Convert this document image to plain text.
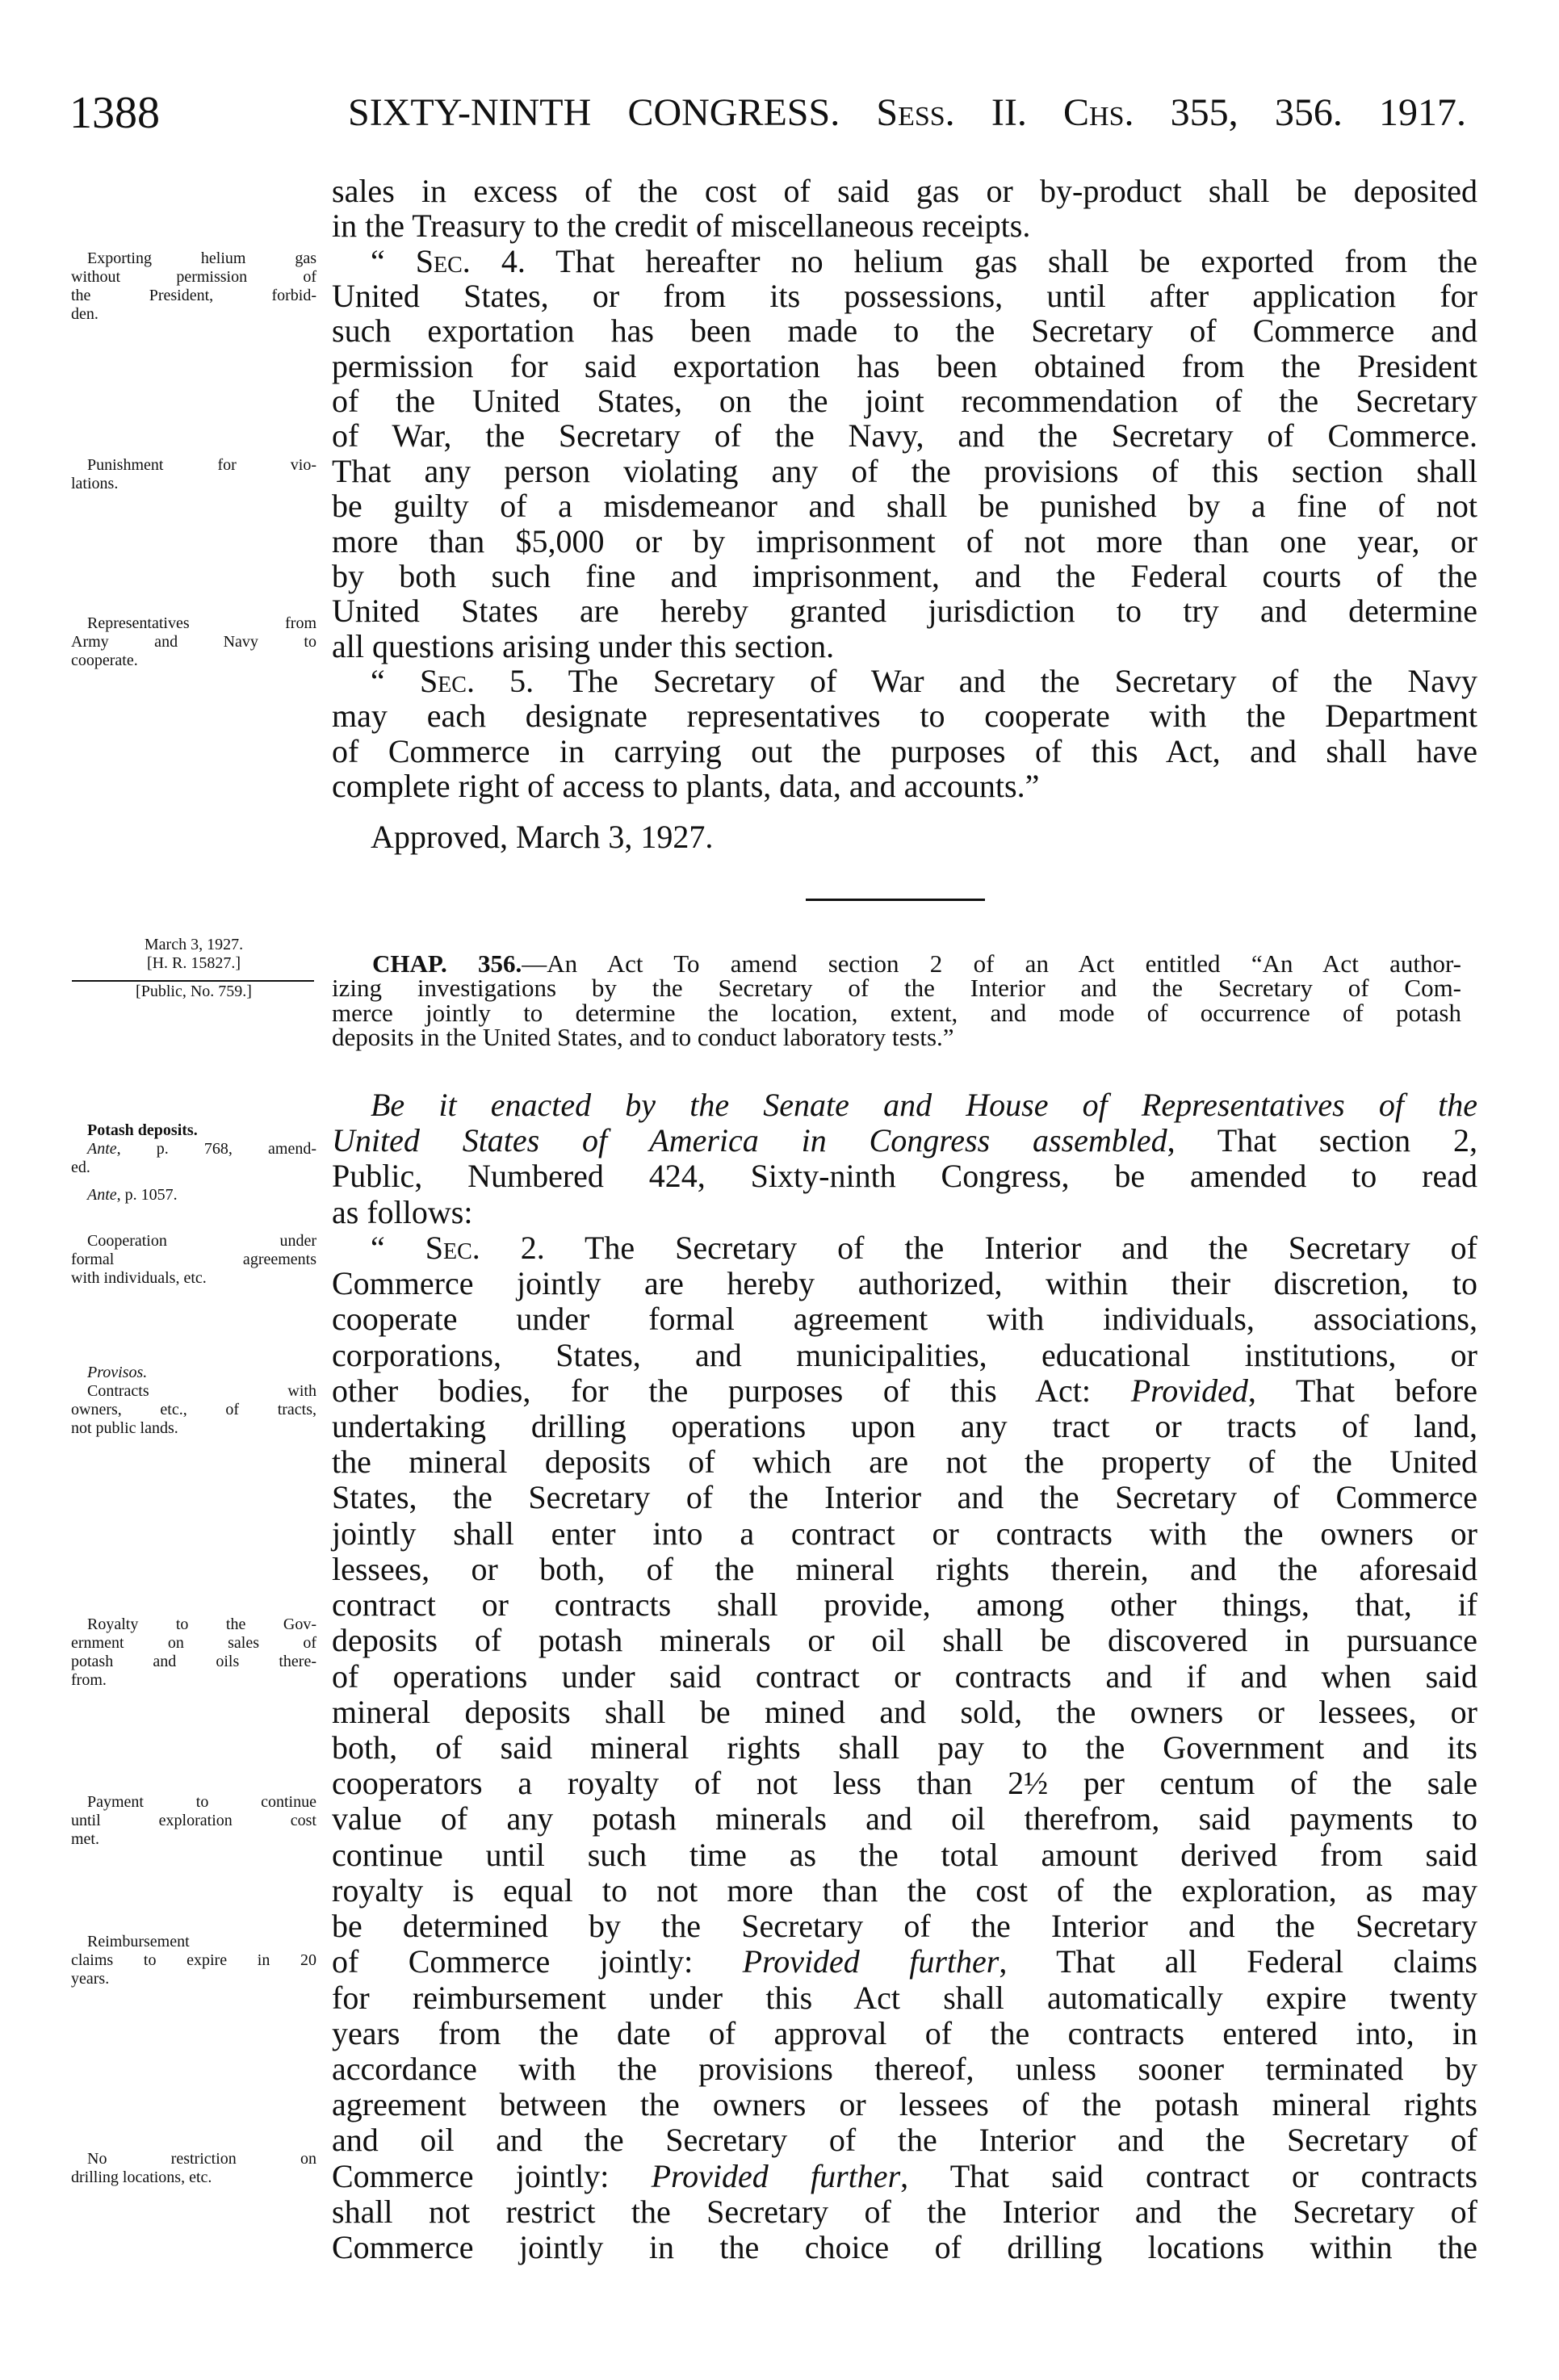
1388	SIXTY-NINTH CONGRESS. Sess. II. Chs. 355, 356. 1917.
sales in excess of the cost of said gas or by-product shall be deposited
in the Treasury to the credit of miscellaneous receipts.
“ Sec. 4. That hereafter no helium gas shall be exported from the
United States, or from its possessions, until after application for
such exportation has been made to the Secretary of Commerce and
permission for said exportation has been obtained from the President
of the United States, on the joint recommendation of the Secretary
of War, the Secretary of the Navy, and the Secretary of Commerce.
That any person violating any of the provisions of this section shall
be guilty of a misdemeanor and shall be punished by a fine of not
more than $5,000 or by imprisonment of not more than one year, or
by both such fine and imprisonment, and the Federal courts of the
United States are hereby granted jurisdiction to try and determine
all questions arising under this section.
“ Sec. 5. The Secretary of War and the Secretary of the Navy
may each designate representatives to cooperate with the Department
of Commerce in carrying out the purposes of this Act, and shall have
complete right of access to plants, data, and accounts.”
Approved, March 3, 1927.
CHAP. 356.—An Act To amend section 2 of an Act entitled “An Act author-
izing investigations by the Secretary of the Interior and the Secretary of Com-
merce jointly to determine the location, extent, and mode of occurrence of potash
deposits in the United States, and to conduct laboratory tests.”
Be it enacted by the Senate and House of Representatives of the
United States of America in Congress assembled, That section 2,
Public, Numbered 424, Sixty-ninth Congress, be amended to read
as follows:
“ Sec. 2. The Secretary of the Interior and the Secretary of
Commerce jointly are hereby authorized, within their discretion, to
cooperate under formal agreement with individuals, associations,
corporations, States, and municipalities, educational institutions, or
other bodies, for the purposes of this Act: Provided, That before
undertaking drilling operations upon any tract or tracts of land,
the mineral deposits of which are not the property of the United
States, the Secretary of the Interior and the Secretary of Commerce
jointly shall enter into a contract or contracts with the owners or
lessees, or both, of the mineral rights therein, and the aforesaid
contract or contracts shall provide, among other things, that, if
deposits of potash minerals or oil shall be discovered in pursuance
of operations under said contract or contracts and if and when said
mineral deposits shall be mined and sold, the owners or lessees, or
both, of said mineral rights shall pay to the Government and its
cooperators a royalty of not less than 2½ per centum of the sale
value of any potash minerals and oil therefrom, said payments to
continue until such time as the total amount derived from said
royalty is equal to not more than the cost of the exploration, as may
be determined by the Secretary of the Interior and the Secretary
of Commerce jointly: Provided further, That all Federal claims
for reimbursement under this Act shall automatically expire twenty
years from the date of approval of the contracts entered into, in
accordance with the provisions thereof, unless sooner terminated by
agreement between the owners or lessees of the potash mineral rights
and oil and the Secretary of the Interior and the Secretary of
Commerce jointly: Provided further, That said contract or contracts
shall not restrict the Secretary of the Interior and the Secretary of
Commerce jointly in the choice of drilling locations within the
Exporting helium gas
without permission of
the President, forbid-
den.
Punishment for vio-
lations.
Representatives from
Army and Navy to
cooperate.
March 3, 1927.
[H. R. 15827.]
[Public, No. 759.]
Potash deposits.
Ante, p. 768, amend-
ed.
Ante, p. 1057.
Cooperation under
formal agreements
with individuals, etc.
Provisos.
Contracts with
owners, etc., of tracts,
not public lands.
Royalty to the Gov-
ernment on sales of
potash and oils there-
from.
Payment to continue
until exploration cost
met.
Reimbursement
claims to expire in 20
years.
No restriction on
drilling locations, etc.
